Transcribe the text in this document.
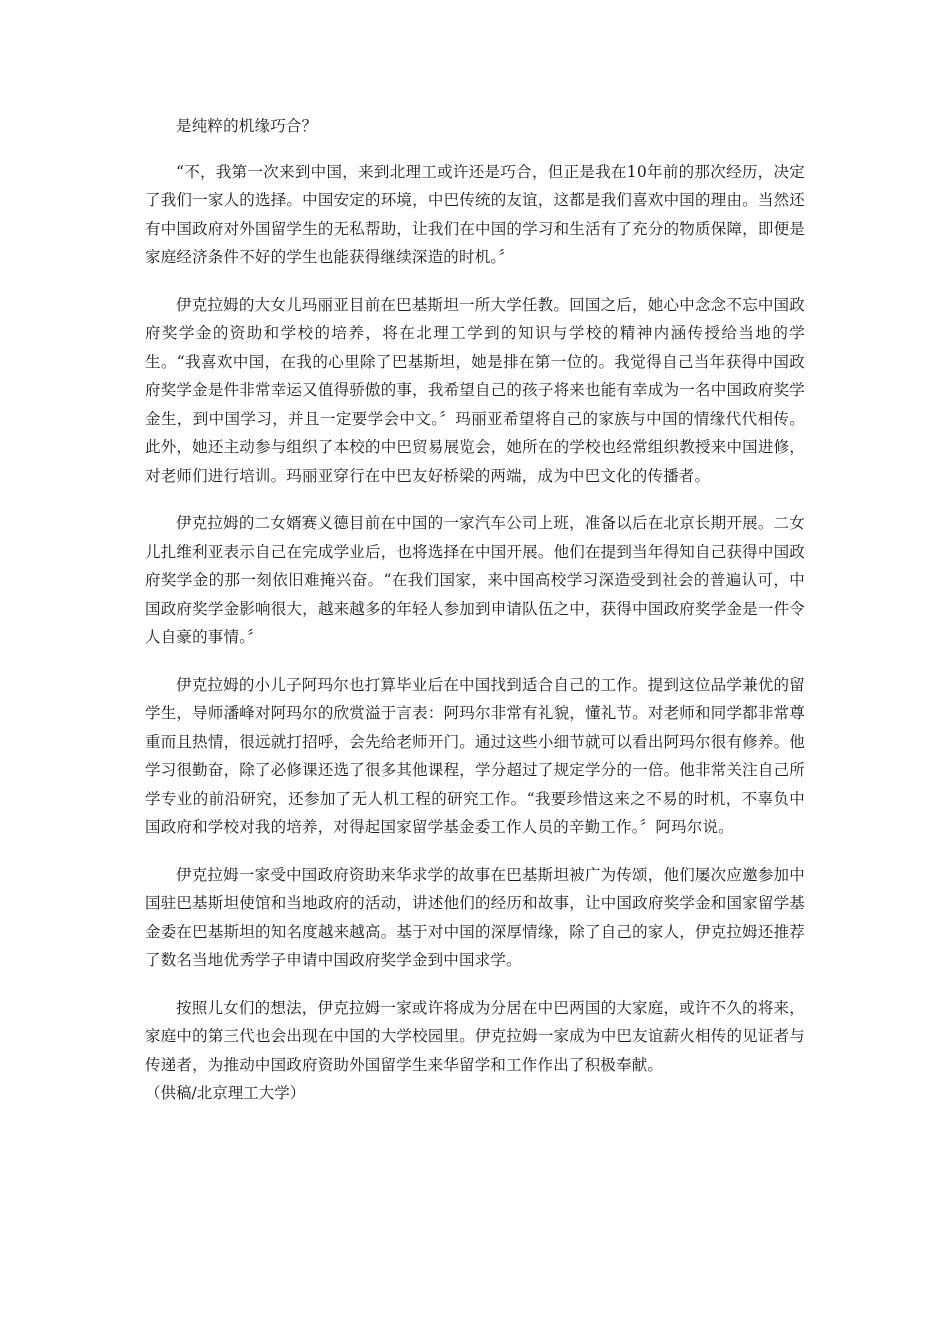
是纯粹的机缘巧合？

“不，我第一次来到中国，来到北理工或许还是巧合，但正是我在10年前的那次经历，决定了我们一家人的选择。中国安定的环境，中巴传统的友谊，这都是我们喜欢中国的理由。当然还有中国政府对外国留学生的无私帮助，让我们在中国的学习和生活有了充分的物质保障，即便是家庭经济条件不好的学生也能获得继续深造的时机。〞

伊克拉姆的大女儿玛丽亚目前在巴基斯坦一所大学任教。回国之后，她心中念念不忘中国政府奖学金的资助和学校的培养，将在北理工学到的知识与学校的精神内涵传授给当地的学生。“我喜欢中国，在我的心里除了巴基斯坦，她是排在第一位的。我觉得自己当年获得中国政府奖学金是件非常幸运又值得骄傲的事，我希望自己的孩子将来也能有幸成为一名中国政府奖学金生，到中国学习，并且一定要学会中文。〞玛丽亚希望将自己的家族与中国的情缘代代相传。此外，她还主动参与组织了本校的中巴贸易展览会，她所在的学校也经常组织教授来中国进修，对老师们进行培训。玛丽亚穿行在中巴友好桥梁的两端，成为中巴文化的传播者。

伊克拉姆的二女婿赛义德目前在中国的一家汽车公司上班，准备以后在北京长期开展。二女儿扎维利亚表示自己在完成学业后，也将选择在中国开展。他们在提到当年得知自己获得中国政府奖学金的那一刻依旧难掩兴奋。“在我们国家，来中国高校学习深造受到社会的普遍认可，中国政府奖学金影响很大，越来越多的年轻人参加到申请队伍之中，获得中国政府奖学金是一件令人自豪的事情。〞

伊克拉姆的小儿子阿玛尔也打算毕业后在中国找到适合自己的工作。提到这位品学兼优的留学生，导师潘峰对阿玛尔的欣赏溢于言表：阿玛尔非常有礼貌，懂礼节。对老师和同学都非常尊重而且热情，很远就打招呼，会先给老师开门。通过这些小细节就可以看出阿玛尔很有修养。他学习很勤奋，除了必修课还选了很多其他课程，学分超过了规定学分的一倍。他非常关注自己所学专业的前沿研究，还参加了无人机工程的研究工作。“我要珍惜这来之不易的时机，不辜负中国政府和学校对我的培养，对得起国家留学基金委工作人员的辛勤工作。〞阿玛尔说。

伊克拉姆一家受中国政府资助来华求学的故事在巴基斯坦被广为传颂，他们屡次应邀参加中国驻巴基斯坦使馆和当地政府的活动，讲述他们的经历和故事，让中国政府奖学金和国家留学基金委在巴基斯坦的知名度越来越高。基于对中国的深厚情缘，除了自己的家人，伊克拉姆还推荐了数名当地优秀学子申请中国政府奖学金到中国求学。

按照儿女们的想法，伊克拉姆一家或许将成为分居在中巴两国的大家庭，或许不久的将来，家庭中的第三代也会出现在中国的大学校园里。伊克拉姆一家成为中巴友谊薪火相传的见证者与传递者，为推动中国政府资助外国留学生来华留学和工作作出了积极奉献。

（供稿/北京理工大学）
